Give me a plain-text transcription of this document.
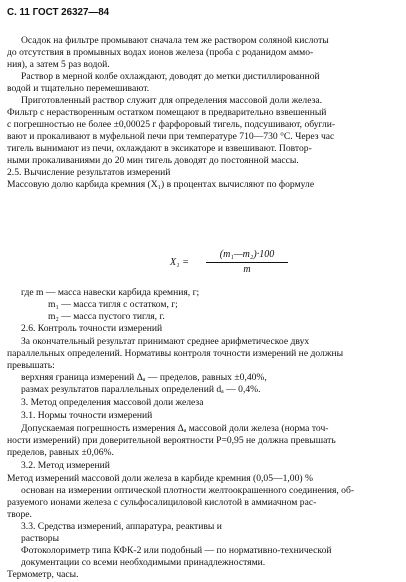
С. 11 ГОСТ 26327—84
Осадок на фильтре промывают сначала тем же раствором соляной кислоты
до отсутствия в промывных водах ионов железа (проба с роданидом аммо-
ния), а затем 5 раз водой.
Раствор в мерной колбе охлаждают, доводят до метки дистиллированной
водой и тщательно перемешивают.
Приготовленный раствор служит для определения массовой доли железа.
Фильтр с нерастворенным остатком помещают в предварительно взвешенный
с погрешностью не более ±0,00025 г фарфоровый тигель, подсушивают, обугли-
вают и прокаливают в муфельной печи при температуре 710—730 °С. Через час
тигель вынимают из печи, охлаждают в эксикаторе и взвешивают. Повтор-
ными прокаливаниями до 20 мин тигель доводят до постоянной массы.
2.5. Вычисление результатов измерений
Массовую долю карбида кремния (X₁) в процентах вычисляют по формуле
X₁ =
(m₁—m₂)·100
m
где m — масса навески карбида кремния, г;
m₁ — масса тигля с остатком, г;
m₂ — масса пустого тигля, г.
2.6. Контроль точности измерений
За окончательный результат принимают среднее арифметическое двух
параллельных определений. Нормативы контроля точности измерений не должны
превышать:
верхняя граница измерений Δₐ — пределов, равных ±0,40%,
размах результатов параллельных определений dₐ — 0,4%.
3. Метод определения массовой доли железа
3.1. Нормы точности измерений
Допускаемая погрешность измерения Δₐ массовой доли железа (норма точ-
ности измерений) при доверительной вероятности P=0,95 не должна превышать
пределов, равных ±0,06%.
3.2. Метод измерений
Метод измерений массовой доли железа в карбиде кремния (0,05—1,00) %
основан на измерении оптической плотности желтоокрашенного соединения, об-
разуемого ионами железа с сульфосалициловой кислотой в аммиачном рас-
творе.
3.3. Средства измерений, аппаратура, реактивы и
растворы
Фотоколориметр типа КФК-2 или подобный — по нормативно-технической
документации со всеми необходимыми принадлежностями.
Термометр, часы.
